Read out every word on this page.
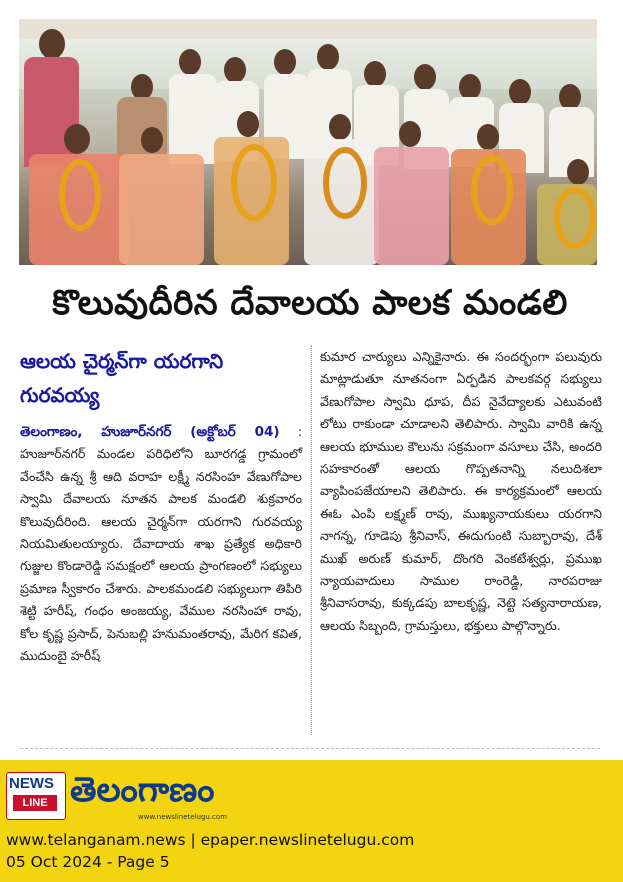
కొలువుదీరిన దేవాలయ పాలక మండలి
ఆలయ చైర్మన్‌గా యరగాని
గురవయ్య
తెలంగాణం, హుజూర్‌నగర్ (అక్టోబర్ 04) : హుజూర్‌నగర్ మండల పరిధిలోని బూరగడ్డ గ్రామంలో వేంచేసి ఉన్న శ్రీ ఆది వరాహ లక్ష్మీ నరసింహ వేణుగోపాల స్వామి దేవాలయ నూతన పాలక మండలి శుక్రవారం కొలువుదీరింది. ఆలయ చైర్మన్‌గా యరగాని గురవయ్య నియమితులయ్యారు. దేవాదాయ శాఖ ప్రత్యేక అధికారి గుజ్జుల కొండారెడ్డి సమక్షంలో ఆలయ ప్రాంగణంలో సభ్యులు ప్రమాణ స్వీకారం చేశారు. పాలకమండలి సభ్యులుగా తిపిరి శెట్టి హరీష్, గంధం అంజయ్య, వేముల నరసింహా రావు, కోల కృష్ణ ప్రసాద్, పెనుబల్లి హనుమంతరావు, మేరిగ కవిత, ముదుంబై హరీష్
కుమార చార్యులు ఎన్నికైనారు. ఈ సందర్భంగా పలువురు మాట్లాడుతూ నూతనంగా ఏర్పడిన పాలకవర్గ సభ్యులు వేణుగోపాల స్వామి ధూప, దీప నైవేద్యాలకు ఎటువంటి లోటు రాకుండా చూడాలని తెలిపారు. స్వామి వారికి ఉన్న ఆలయ భూముల కౌలును సక్రమంగా వసూలు చేసి, అందరి సహకారంతో ఆలయ గొప్పతనాన్ని నలుదిశలా వ్యాపింపజేయాలని తెలిపారు. ఈ కార్యక్రమంలో ఆలయ ఈఓ ఎంపి లక్ష్మణ్ రావు, ముఖ్యనాయకులు యరగాని నాగన్న, గూడెపు శ్రీనివాస్, ఈదుగుంటి సుబ్బారావు, దేశ్ ముఖ్ అరుణ్ కుమార్, దొంగరి వెంకటేశ్వర్లు, ప్రముఖ న్యాయవాదులు సాముల రాంరెడ్డి, నారపరాజు శ్రీనివాసరావు, కుక్కడపు బాలకృష్ణ, నెట్టె సత్యనారాయణ, ఆలయ సిబ్బంది, గ్రామస్తులు, భక్తులు పాల్గొన్నారు.
NEWS
LINE తెలంగాణం
www.newslinetelugu.com
www.telanganam.news | epaper.newslinetelugu.com
05 Oct 2024 - Page 5
